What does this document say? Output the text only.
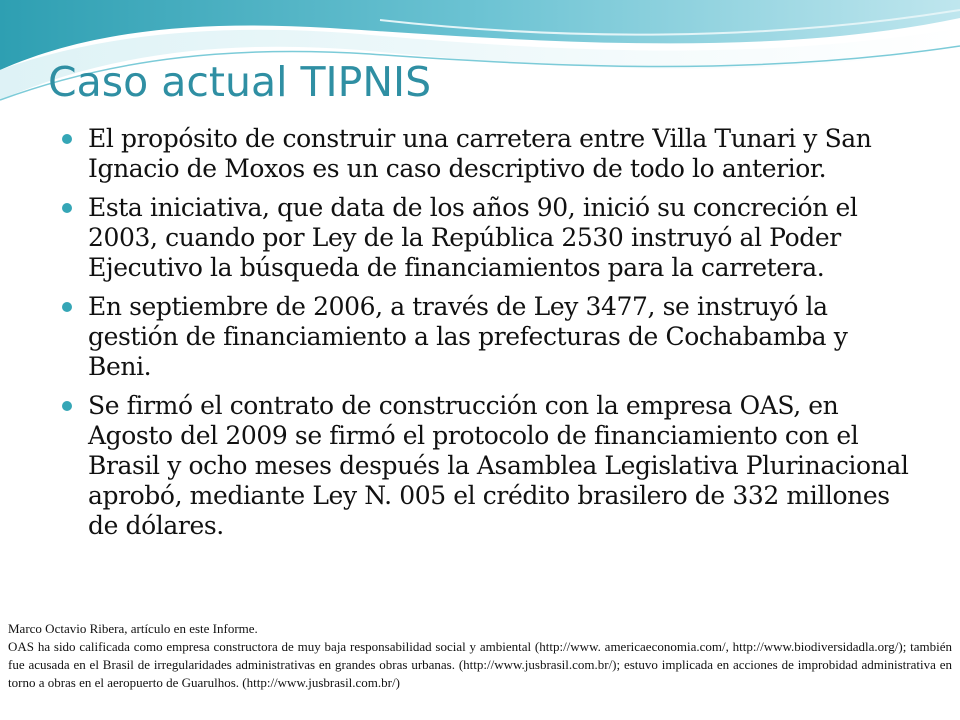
Caso actual TIPNIS
El propósito de construir una carretera entre Villa Tunari y San Ignacio de Moxos es un caso descriptivo de todo lo anterior.
Esta iniciativa, que data de los años 90, inició su concreción el 2003, cuando por Ley de la República 2530 instruyó al Poder Ejecutivo la búsqueda de financiamientos para la carretera.
En septiembre de 2006, a través de Ley 3477, se instruyó la gestión de financiamiento a las prefecturas de Cochabamba y Beni.
Se firmó el contrato de construcción con la empresa OAS, en Agosto del 2009 se firmó el protocolo de financiamiento con el Brasil y ocho meses después la Asamblea Legislativa Plurinacional aprobó, mediante Ley N. 005 el crédito brasilero de 332 millones de dólares.

Marco Octavio Ribera, artículo en este Informe.

OAS ha sido calificada como empresa constructora de muy baja responsabilidad social y ambiental (http://www. americaeconomia.com/, http://www.biodiversidadla.org/); también fue acusada en el Brasil de irregularidades administrativas en grandes obras urbanas. (http://www.jusbrasil.com.br/); estuvo implicada en acciones de improbidad administrativa en torno a obras en el aeropuerto de Guarulhos. (http://www.jusbrasil.com.br/)
